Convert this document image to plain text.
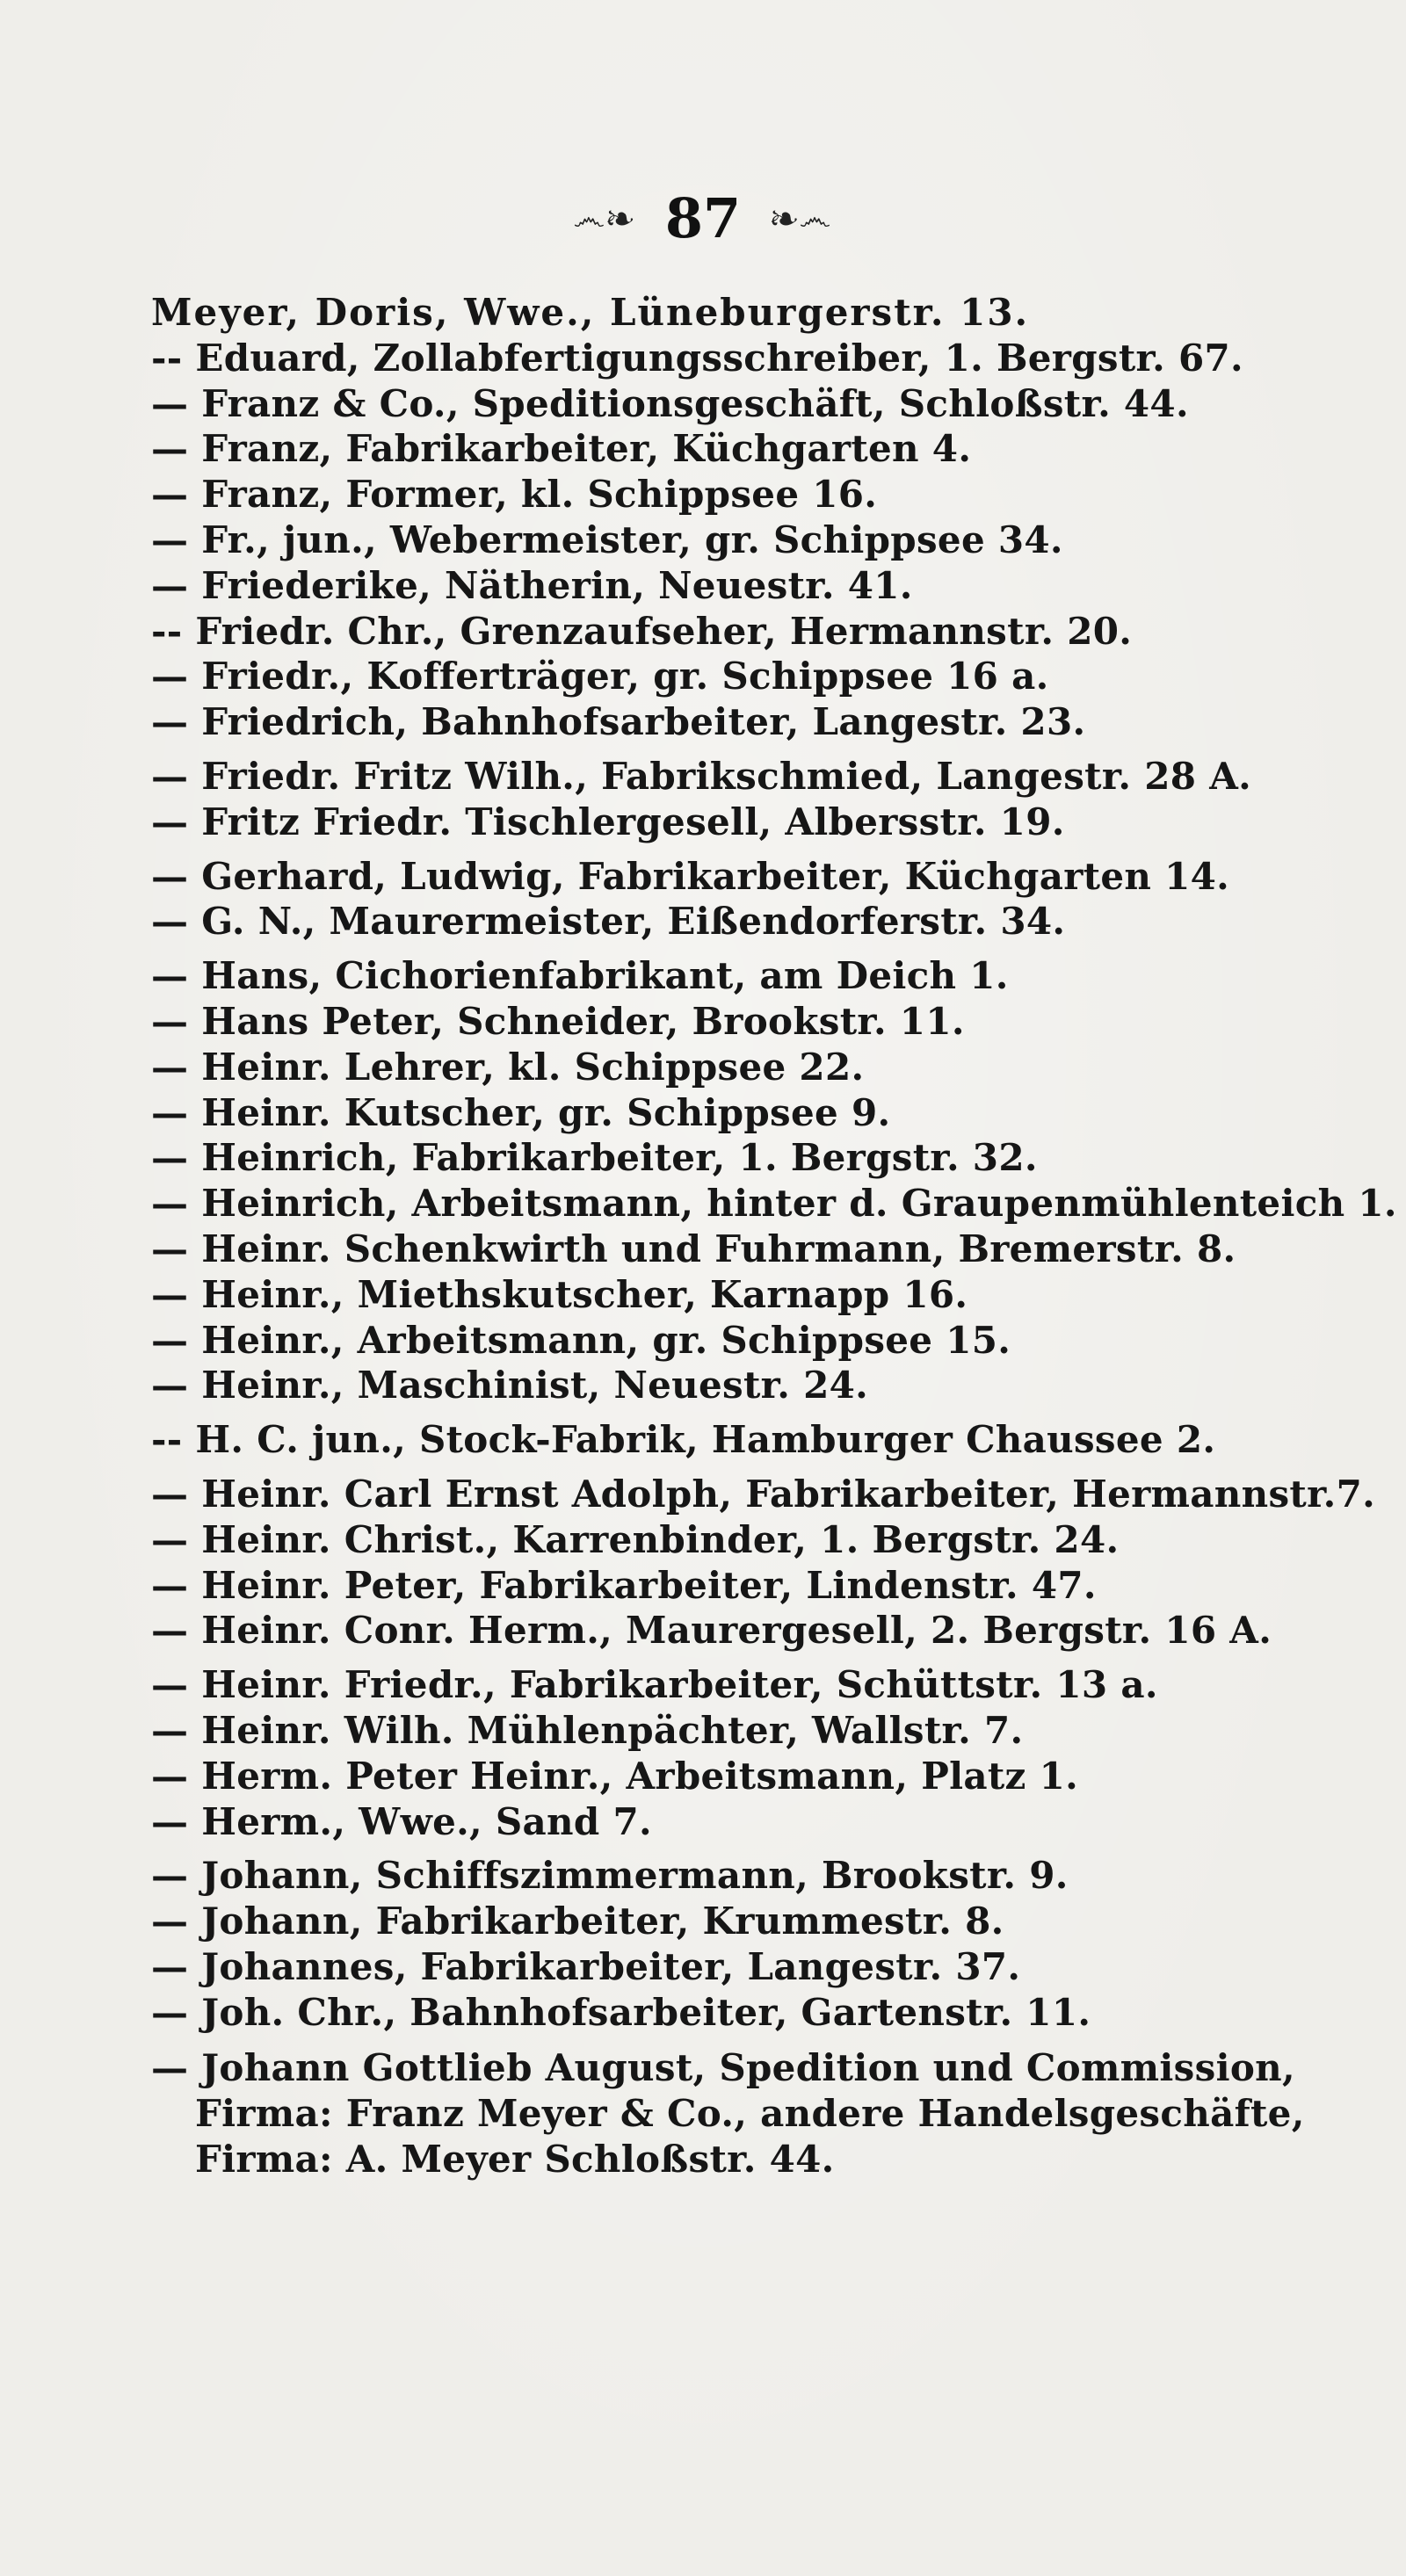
෴❧ 87 ❧෴
Meyer, Doris, Wwe., Lüneburgerstr. 13.
-- Eduard, Zollabfertigungsschreiber, 1. Bergstr. 67.
— Franz & Co., Speditionsgeschäft, Schloßstr. 44.
— Franz, Fabrikarbeiter, Küchgarten 4.
— Franz, Former, kl. Schippsee 16.
— Fr., jun., Webermeister, gr. Schippsee 34.
— Friederike, Nätherin, Neuestr. 41.
-- Friedr. Chr., Grenzaufseher, Hermannstr. 20.
— Friedr., Kofferträger, gr. Schippsee 16 a.
— Friedrich, Bahnhofsarbeiter, Langestr. 23.
— Friedr. Fritz Wilh., Fabrikschmied, Langestr. 28 A.
— Fritz Friedr. Tischlergesell, Albersstr. 19.
— Gerhard, Ludwig, Fabrikarbeiter, Küchgarten 14.
— G. N., Maurermeister, Eißendorferstr. 34.
— Hans, Cichorienfabrikant, am Deich 1.
— Hans Peter, Schneider, Brookstr. 11.
— Heinr. Lehrer, kl. Schippsee 22.
— Heinr. Kutscher, gr. Schippsee 9.
— Heinrich, Fabrikarbeiter, 1. Bergstr. 32.
— Heinrich, Arbeitsmann, hinter d. Graupenmühlenteich 1.
— Heinr. Schenkwirth und Fuhrmann, Bremerstr. 8.
— Heinr., Miethskutscher, Karnapp 16.
— Heinr., Arbeitsmann, gr. Schippsee 15.
— Heinr., Maschinist, Neuestr. 24.
-- H. C. jun., Stock-Fabrik, Hamburger Chaussee 2.
— Heinr. Carl Ernst Adolph, Fabrikarbeiter, Hermannstr.7.
— Heinr. Christ., Karrenbinder, 1. Bergstr. 24.
— Heinr. Peter, Fabrikarbeiter, Lindenstr. 47.
— Heinr. Conr. Herm., Maurergesell, 2. Bergstr. 16 A.
— Heinr. Friedr., Fabrikarbeiter, Schüttstr. 13 a.
— Heinr. Wilh. Mühlenpächter, Wallstr. 7.
— Herm. Peter Heinr., Arbeitsmann, Platz 1.
— Herm., Wwe., Sand 7.
— Johann, Schiffszimmermann, Brookstr. 9.
— Johann, Fabrikarbeiter, Krummestr. 8.
— Johannes, Fabrikarbeiter, Langestr. 37.
— Joh. Chr., Bahnhofsarbeiter, Gartenstr. 11.
— Johann Gottlieb August, Spedition und Commission,
Firma: Franz Meyer & Co., andere Handelsgeschäfte,
Firma: A. Meyer Schloßstr. 44.
